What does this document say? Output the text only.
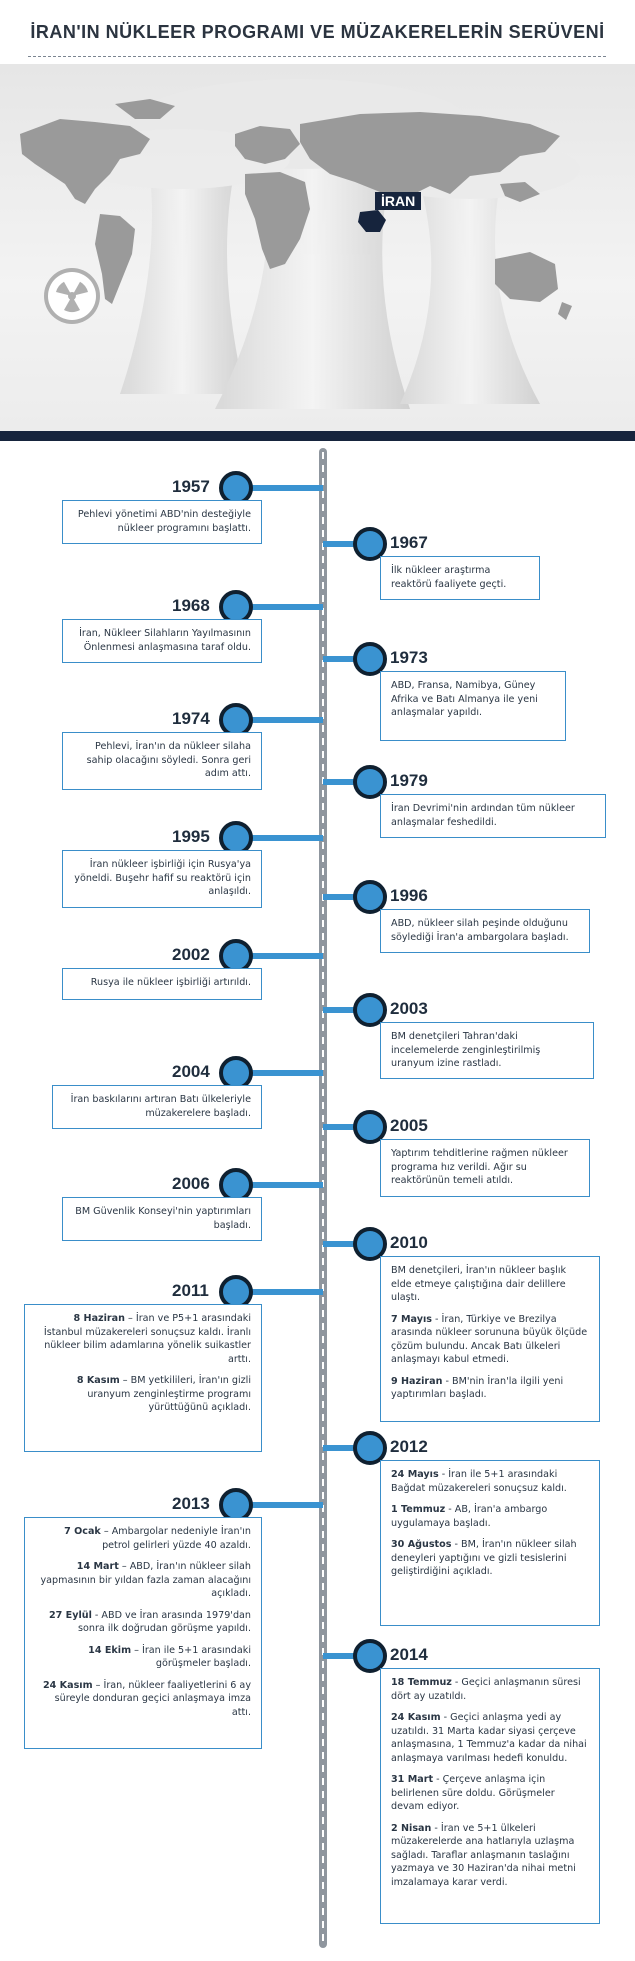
İRAN'IN NÜKLEER PROGRAMI VE MÜZAKERELERİN SERÜVENİ
İRAN
1957
Pehlevi yönetimi ABD'nin desteğiyle nükleer programını başlattı.
1967
İlk nükleer araştırma reaktörü faaliyete geçti.
1968
İran, Nükleer Silahların Yayılmasının Önlenmesi anlaşmasına taraf oldu.
1973
ABD, Fransa, Namibya, Güney Afrika ve Batı Almanya ile yeni anlaşmalar yapıldı.
1974
Pehlevi, İran'ın da nükleer silaha sahip olacağını söyledi. Sonra geri adım attı.	1979
İran Devrimi'nin ardından tüm nükleer anlaşmalar feshedildi.
1995
İran nükleer işbirliği için Rusya'ya yöneldi. Buşehr hafif su reaktörü için anlaşıldı.	1996
ABD, nükleer silah peşinde olduğunu söylediği İran'a ambargolara başladı.
2002
Rusya ile nükleer işbirliği artırıldı.
2003
BM denetçileri Tahran'daki incelemelerde zenginleştirilmiş uranyum izine rastladı.
2004
İran baskılarını artıran Batı ülkeleriyle müzakerelere başladı.
2005
Yaptırım tehditlerine rağmen nükleer programa hız verildi. Ağır su reaktörünün temeli atıldı.
2006
BM Güvenlik Konseyi'nin yaptırımları başladı.
2010
BM denetçileri, İran'ın nükleer başlık elde etmeye çalıştığına dair delillere ulaştı.
7 Mayıs - İran, Türkiye ve Brezilya arasında nükleer sorununa büyük ölçüde çözüm bulundu. Ancak Batı ülkeleri anlaşmayı kabul etmedi.
9 Haziran - BM'nin İran'la ilgili yeni yaptırımları başladı.
2011
8 Haziran – İran ve P5+1 arasındaki İstanbul müzakereleri sonuçsuz kaldı. İranlı nükleer bilim adamlarına yönelik suikastler arttı.
8 Kasım – BM yetkilileri, İran'ın gizli uranyum zenginleştirme programı yürüttüğünü açıkladı.
2012
24 Mayıs - İran ile 5+1 arasındaki Bağdat müzakereleri sonuçsuz kaldı.
1 Temmuz - AB, İran'a ambargo uygulamaya başladı.
30 Ağustos - BM, İran'ın nükleer silah deneyleri yaptığını ve gizli tesislerini geliştirdiğini açıkladı.
2013
7 Ocak – Ambargolar nedeniyle İran'ın petrol gelirleri yüzde 40 azaldı.
14 Mart – ABD, İran'ın nükleer silah yapmasının bir yıldan fazla zaman alacağını açıkladı.
27 Eylül - ABD ve İran arasında 1979'dan sonra ilk doğrudan görüşme yapıldı.
14 Ekim – İran ile 5+1 arasındaki görüşmeler başladı.
24 Kasım – İran, nükleer faaliyetlerini 6 ay süreyle donduran geçici anlaşmaya imza attı.
2014
18 Temmuz - Geçici anlaşmanın süresi dört ay uzatıldı.
24 Kasım - Geçici anlaşma yedi ay uzatıldı. 31 Marta kadar siyasi çerçeve anlaşmasına, 1 Temmuz'a kadar da nihai anlaşmaya varılması hedefi konuldu.
31 Mart - Çerçeve anlaşma için belirlenen süre doldu. Görüşmeler devam ediyor.
2 Nisan - İran ve 5+1 ülkeleri müzakerelerde ana hatlarıyla uzlaşma sağladı. Taraflar anlaşmanın taslağını yazmaya ve 30 Haziran'da nihai metni imzalamaya karar verdi.
